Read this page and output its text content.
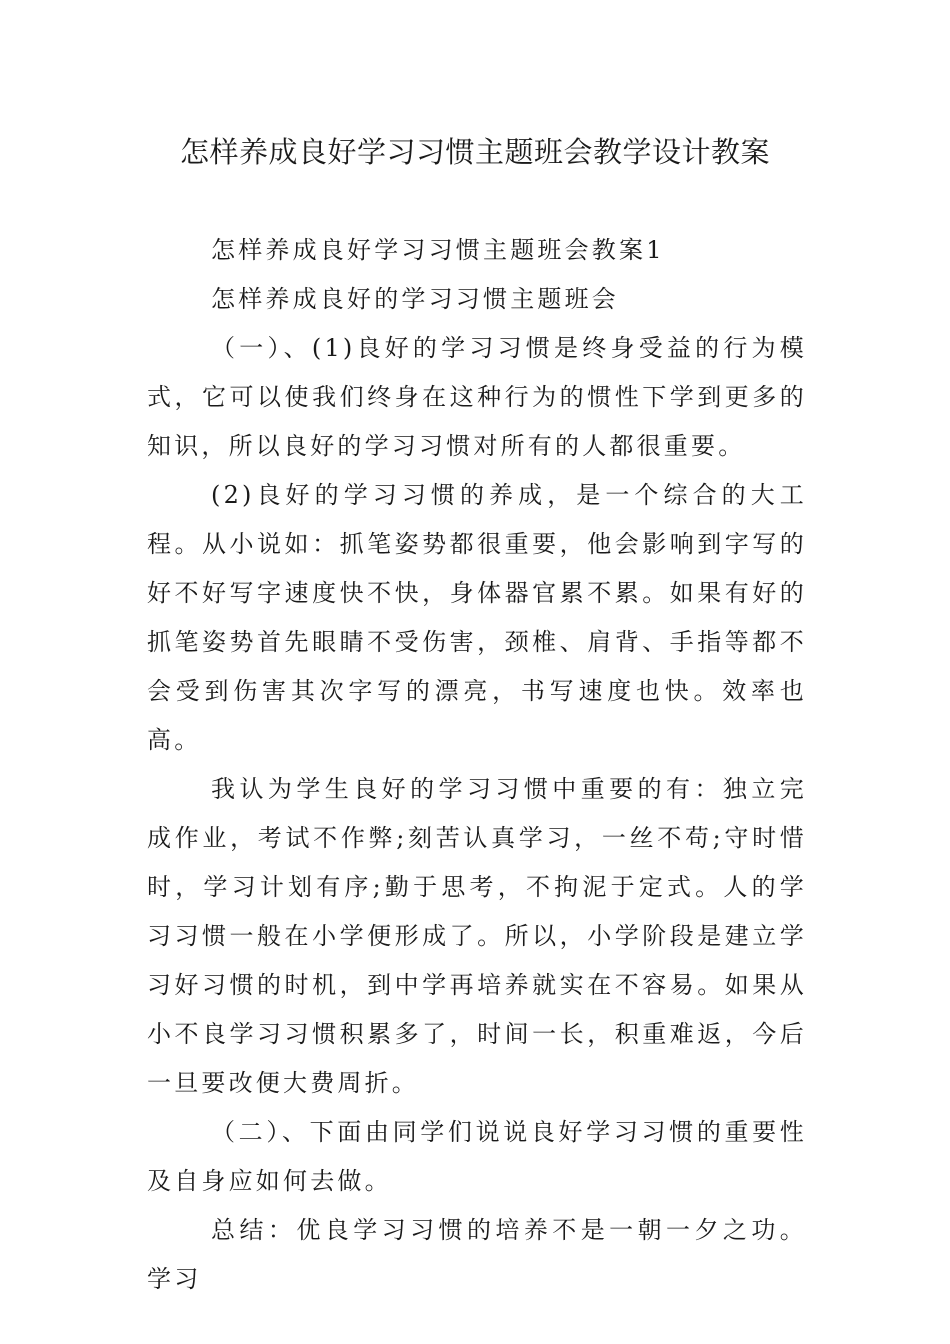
怎样养成良好学习习惯主题班会教学设计教案

怎样养成良好学习习惯主题班会教案1

怎样养成良好的学习习惯主题班会

（一）、(1)良好的学习习惯是终身受益的行为模式，它可以使我们终身在这种行为的惯性下学到更多的知识，所以良好的学习习惯对所有的人都很重要。

(2)良好的学习习惯的养成，是一个综合的大工程。从小说如：抓笔姿势都很重要，他会影响到字写的好不好写字速度快不快，身体器官累不累。如果有好的抓笔姿势首先眼睛不受伤害，颈椎、肩背、手指等都不会受到伤害其次字写的漂亮，书写速度也快。效率也高。

我认为学生良好的学习习惯中重要的有：独立完成作业，考试不作弊;刻苦认真学习，一丝不苟;守时惜时，学习计划有序;勤于思考，不拘泥于定式。人的学习习惯一般在小学便形成了。所以，小学阶段是建立学习好习惯的时机，到中学再培养就实在不容易。如果从小不良学习习惯积累多了，时间一长，积重难返，今后一旦要改便大费周折。

（二）、下面由同学们说说良好学习习惯的重要性及自身应如何去做。

总结：优良学习习惯的培养不是一朝一夕之功。学习
